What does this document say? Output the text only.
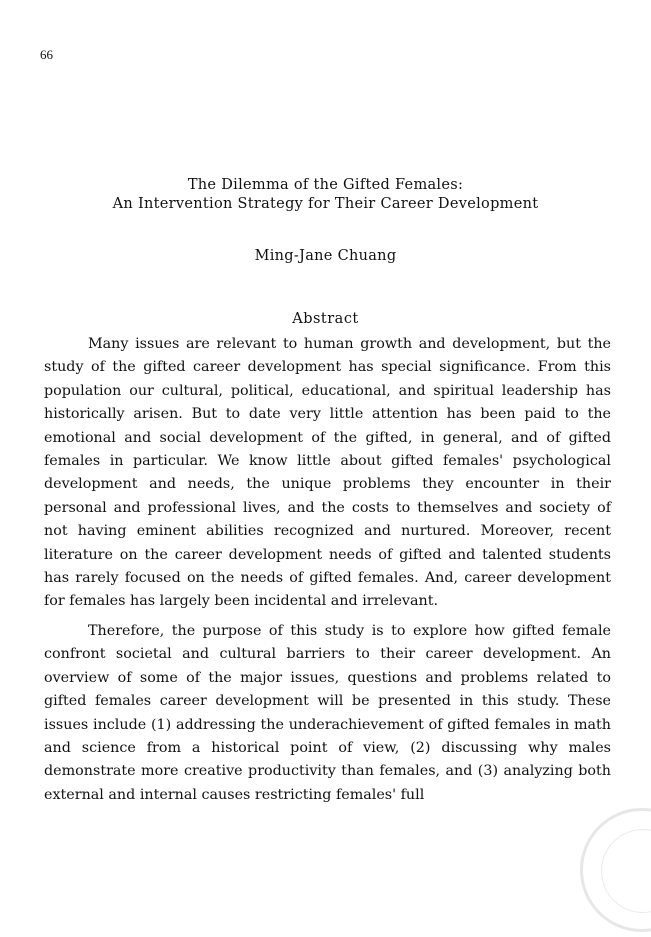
66
The Dilemma of the Gifted Females:
An Intervention Strategy for Their Career Development
Ming-Jane Chuang
Abstract

Many issues are relevant to human growth and development, but the study of the gifted career development has special significance. From this population our cultural, political, educational, and spiritual leadership has historically arisen. But to date very little attention has been paid to the emotional and social development of the gifted, in general, and of gifted females in particular. We know little about gifted females' psychological development and needs, the unique problems they encounter in their personal and professional lives, and the costs to themselves and society of not having eminent abilities recognized and nurtured. Moreover, recent literature on the career development needs of gifted and talented students has rarely focused on the needs of gifted females. And, career development for females has largely been incidental and irrelevant.

Therefore, the purpose of this study is to explore how gifted female confront societal and cultural barriers to their career development. An overview of some of the major issues, questions and problems related to gifted females career development will be presented in this study. These issues include (1) addressing the underachievement of gifted females in math and science from a historical point of view, (2) discussing why males demonstrate more creative productivity than females, and (3) analyzing both external and internal causes restricting females' full
